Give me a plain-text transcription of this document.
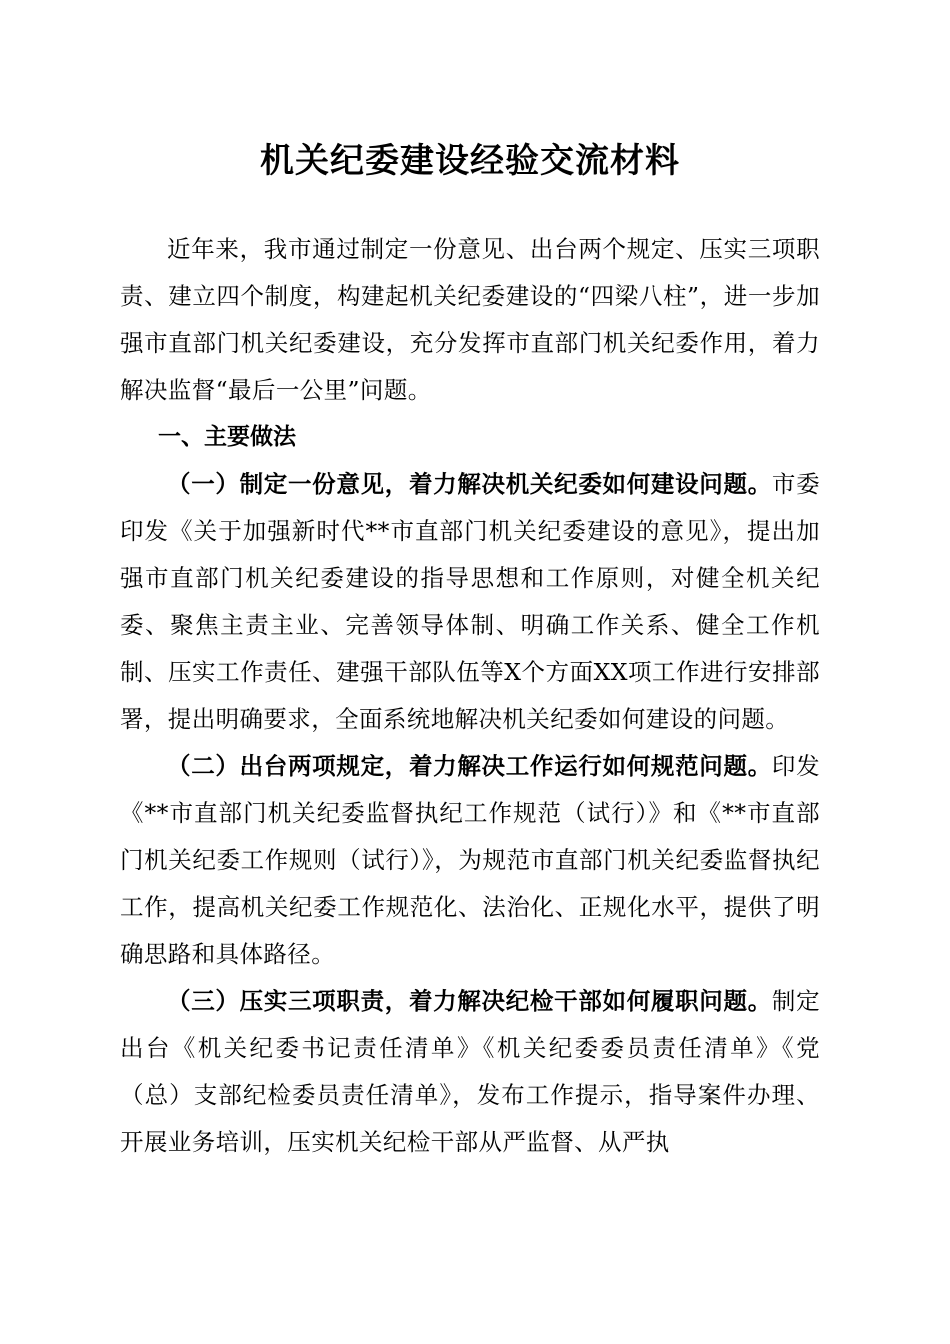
机关纪委建设经验交流材料

近年来，我市通过制定一份意见、出台两个规定、压实三项职责、建立四个制度，构建起机关纪委建设的“四梁八柱”，进一步加强市直部门机关纪委建设，充分发挥市直部门机关纪委作用，着力解决监督“最后一公里”问题。

一、主要做法

（一）制定一份意见，着力解决机关纪委如何建设问题。市委印发《关于加强新时代**市直部门机关纪委建设的意见》，提出加强市直部门机关纪委建设的指导思想和工作原则，对健全机关纪委、聚焦主责主业、完善领导体制、明确工作关系、健全工作机制、压实工作责任、建强干部队伍等X个方面XX项工作进行安排部署，提出明确要求，全面系统地解决机关纪委如何建设的问题。

（二）出台两项规定，着力解决工作运行如何规范问题。印发《**市直部门机关纪委监督执纪工作规范（试行）》和《**市直部门机关纪委工作规则（试行）》，为规范市直部门机关纪委监督执纪工作，提高机关纪委工作规范化、法治化、正规化水平，提供了明确思路和具体路径。

（三）压实三项职责，着力解决纪检干部如何履职问题。制定出台《机关纪委书记责任清单》《机关纪委委员责任清单》《党（总）支部纪检委员责任清单》，发布工作提示，指导案件办理、开展业务培训，压实机关纪检干部从严监督、从严执
